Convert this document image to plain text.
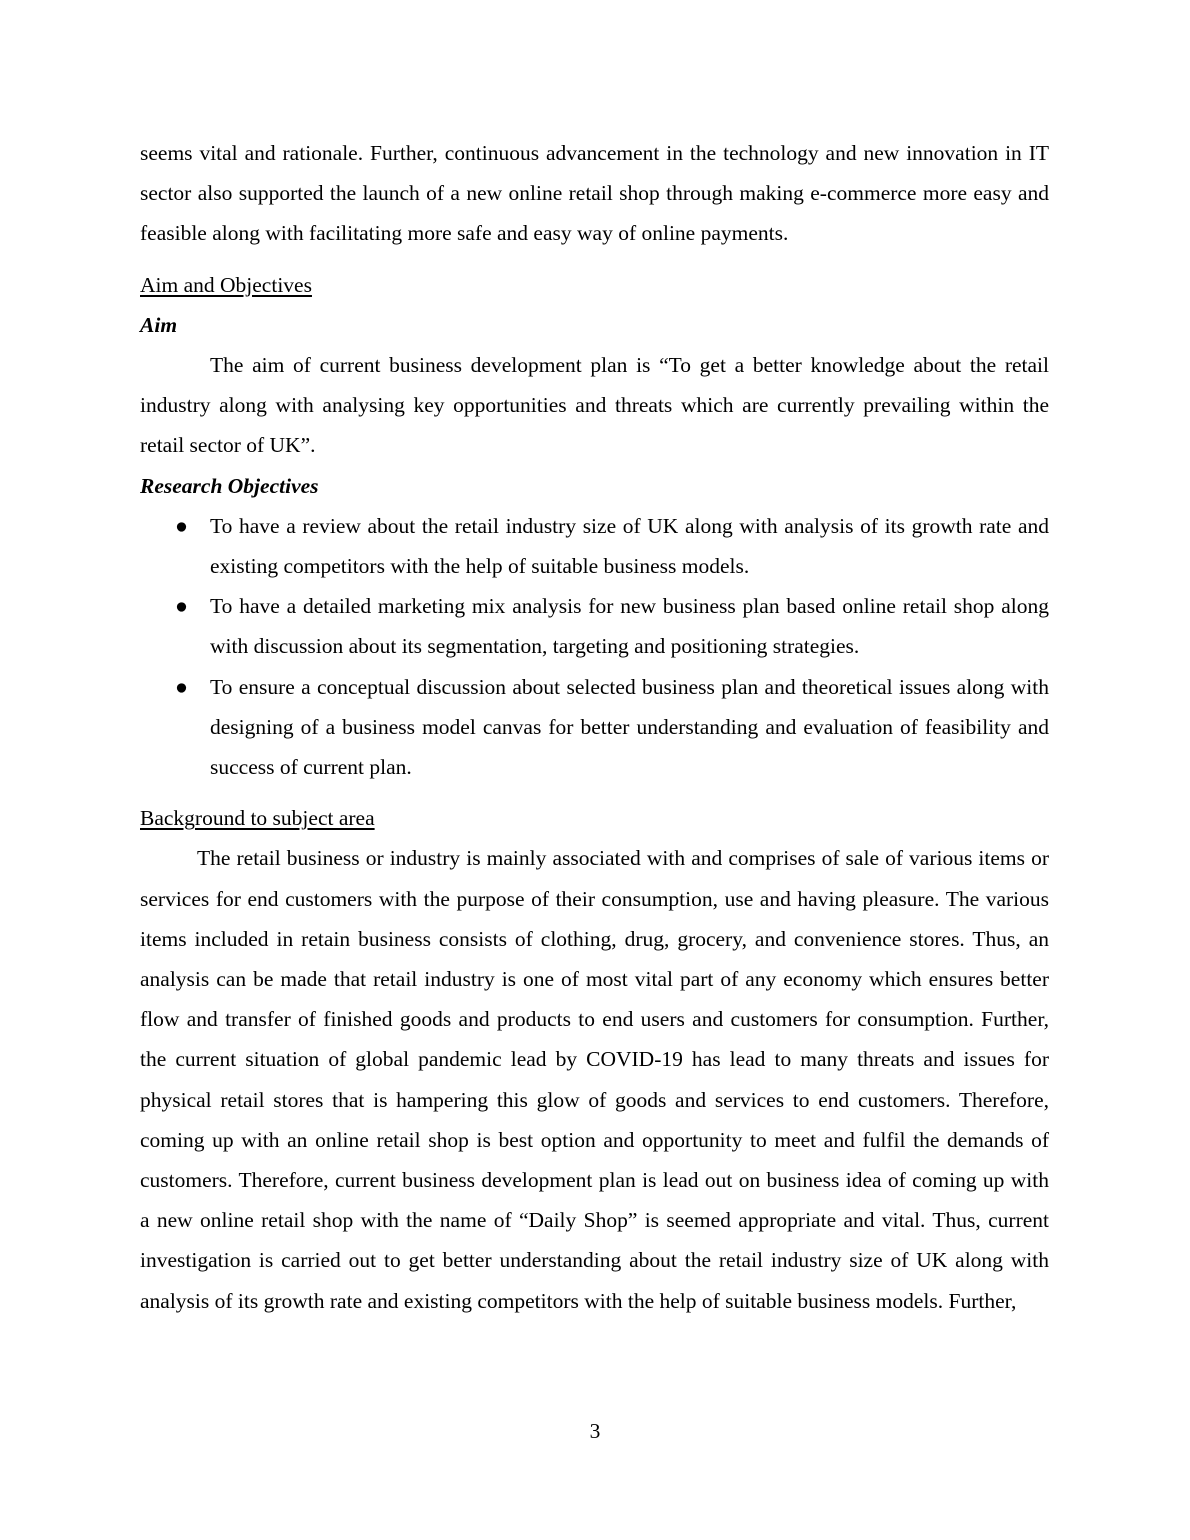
seems vital and rationale. Further, continuous advancement in the technology and new innovation in IT sector also supported the launch of a new online retail shop through making e-commerce more easy and feasible along with facilitating more safe and easy way of online payments.

Aim and Objectives

Aim

The aim of current business development plan is “To get a better knowledge about the retail industry along with analysing key opportunities and threats which are currently prevailing within the retail sector of UK”.

Research Objectives

● To have a review about the retail industry size of UK along with analysis of its growth rate and existing competitors with the help of suitable business models.
● To have a detailed marketing mix analysis for new business plan based online retail shop along with discussion about its segmentation, targeting and positioning strategies.
● To ensure a conceptual discussion about selected business plan and theoretical issues along with designing of a business model canvas for better understanding and evaluation of feasibility and success of current plan.

Background to subject area

The retail business or industry is mainly associated with and comprises of sale of various items or services for end customers with the purpose of their consumption, use and having pleasure. The various items included in retain business consists of clothing, drug, grocery, and convenience stores. Thus, an analysis can be made that retail industry is one of most vital part of any economy which ensures better flow and transfer of finished goods and products to end users and customers for consumption. Further, the current situation of global pandemic lead by COVID-19 has lead to many threats and issues for physical retail stores that is hampering this glow of goods and services to end customers. Therefore, coming up with an online retail shop is best option and opportunity to meet and fulfil the demands of customers. Therefore, current business development plan is lead out on business idea of coming up with a new online retail shop with the name of “Daily Shop” is seemed appropriate and vital. Thus, current investigation is carried out to get better understanding about the retail industry size of UK along with analysis of its growth rate and existing competitors with the help of suitable business models. Further,

3
